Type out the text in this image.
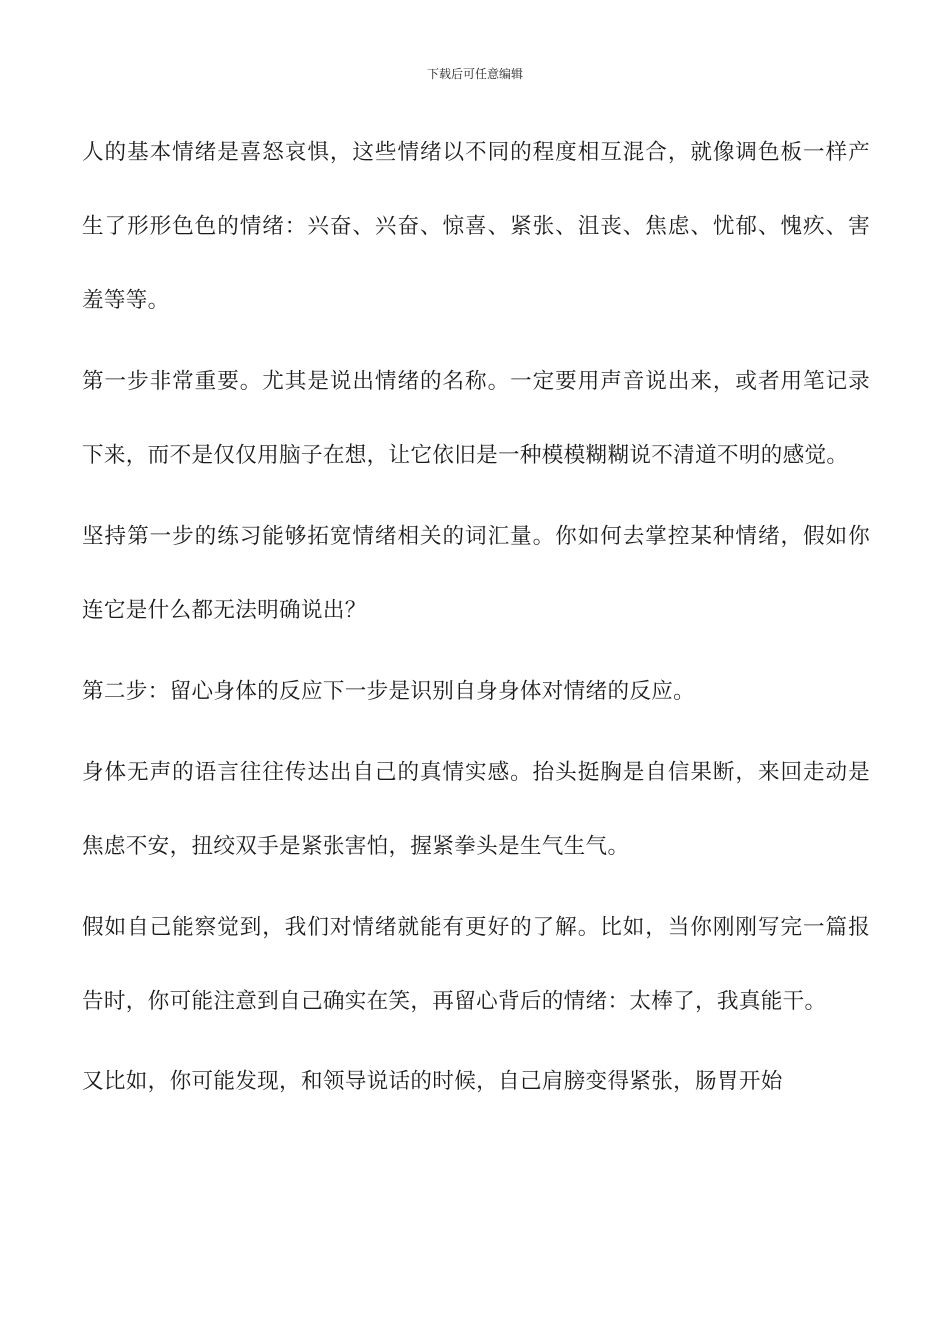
下载后可任意编辑

人的基本情绪是喜怒哀惧，这些情绪以不同的程度相互混合，就像调色板一样产生了形形色色的情绪：兴奋、兴奋、惊喜、紧张、沮丧、焦虑、忧郁、愧疚、害羞等等。

第一步非常重要。尤其是说出情绪的名称。一定要用声音说出来，或者用笔记录下来，而不是仅仅用脑子在想，让它依旧是一种模模糊糊说不清道不明的感觉。

坚持第一步的练习能够拓宽情绪相关的词汇量。你如何去掌控某种情绪，假如你连它是什么都无法明确说出？

第二步：留心身体的反应下一步是识别自身身体对情绪的反应。

身体无声的语言往往传达出自己的真情实感。抬头挺胸是自信果断，来回走动是焦虑不安，扭绞双手是紧张害怕，握紧拳头是生气生气。

假如自己能察觉到，我们对情绪就能有更好的了解。比如，当你刚刚写完一篇报告时，你可能注意到自己确实在笑，再留心背后的情绪：太棒了，我真能干。

又比如，你可能发现，和领导说话的时候，自己肩膀变得紧张，肠胃开始
